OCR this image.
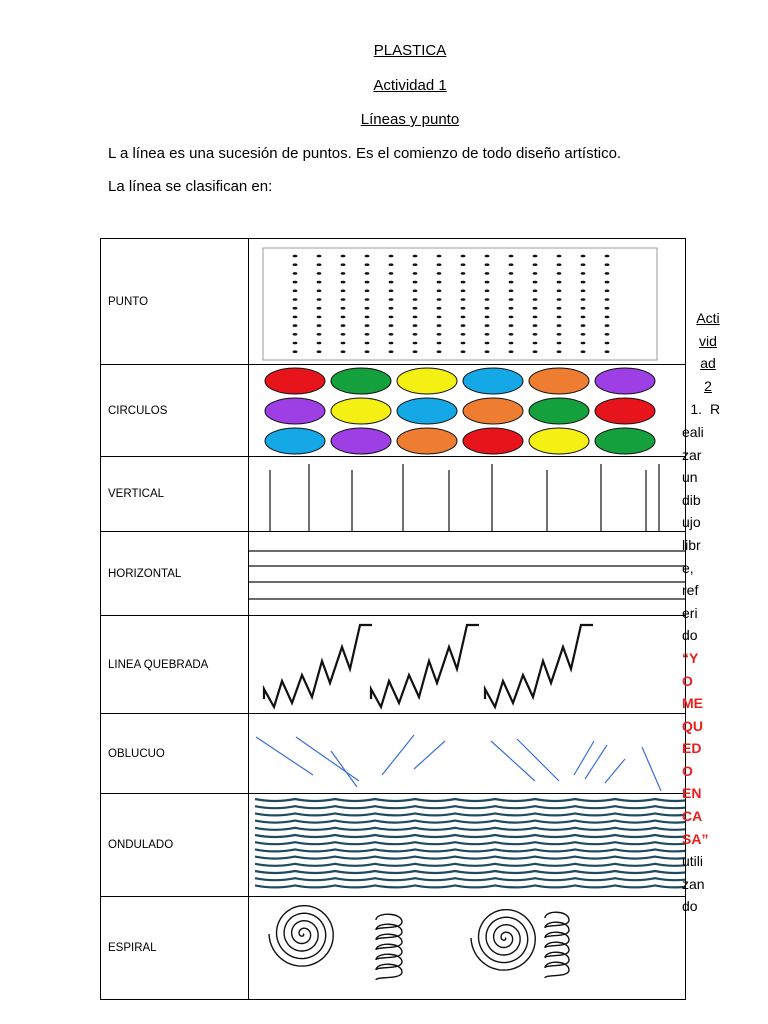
PLASTICA
Actividad 1
Líneas y punto
L a línea es una sucesión de puntos. Es el comienzo de todo diseño artístico.
La línea se clasifican en:
PUNTO	

CIRCULOS	

VERTICAL	

HORIZONTAL	

LINEA QUEBRADA	

OBLUCUO	

ONDULADO	

ESPIRAL	
Acti
vid
ad
2
1. R
eali
zar
un
dib
ujo
libr
e,
ref
eri
do
“Y
O
ME
QU
ED
O
EN
CA
SA”
utili
zan
do
